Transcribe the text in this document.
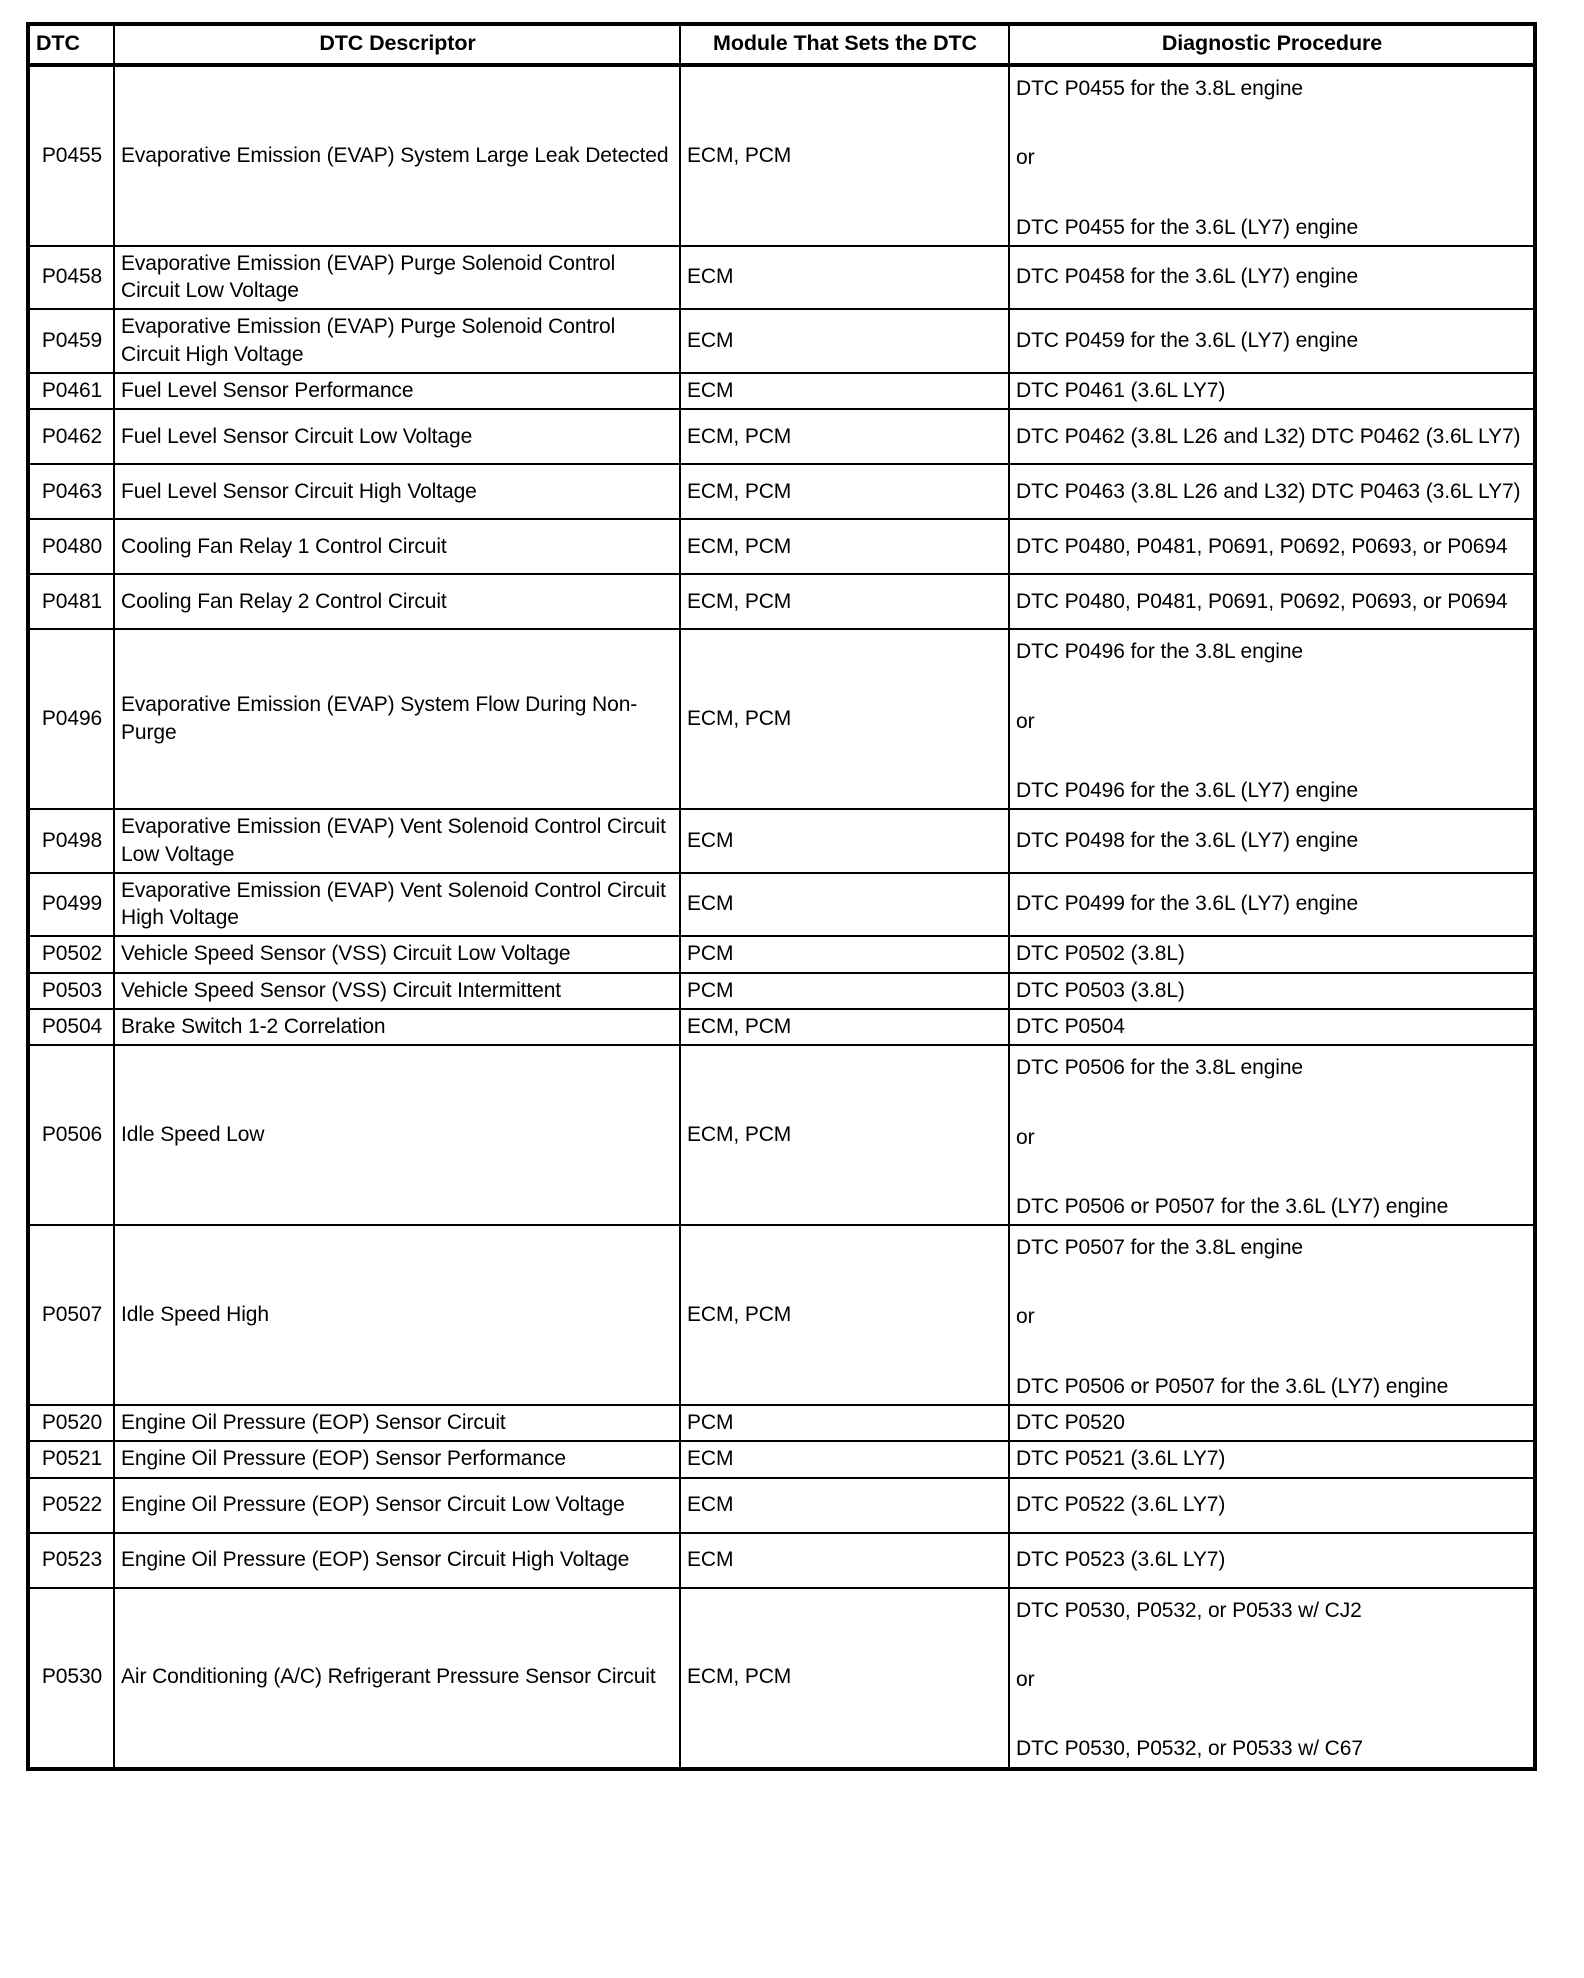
DTC	DTC Descriptor	Module That Sets the DTC	Diagnostic Procedure
P0455	Evaporative Emission (EVAP) System Large Leak Detected	ECM, PCM	DTC P0455 for the 3.8L engine
or
DTC P0455 for the 3.6L (LY7) engine

P0458	Evaporative Emission (EVAP) Purge Solenoid Control Circuit Low Voltage	ECM	DTC P0458 for the 3.6L (LY7) engine

P0459	Evaporative Emission (EVAP) Purge Solenoid Control Circuit High Voltage	ECM	DTC P0459 for the 3.6L (LY7) engine

P0461	Fuel Level Sensor Performance	ECM	DTC P0461 (3.6L LY7)

P0462	Fuel Level Sensor Circuit Low Voltage	ECM, PCM	DTC P0462 (3.8L L26 and L32) DTC P0462 (3.6L LY7)

P0463	Fuel Level Sensor Circuit High Voltage	ECM, PCM	DTC P0463 (3.8L L26 and L32) DTC P0463 (3.6L LY7)

P0480	Cooling Fan Relay 1 Control Circuit	ECM, PCM	DTC P0480, P0481, P0691, P0692, P0693, or P0694

P0481	Cooling Fan Relay 2 Control Circuit	ECM, PCM	DTC P0480, P0481, P0691, P0692, P0693, or P0694

P0496	Evaporative Emission (EVAP) System Flow During Non-Purge	ECM, PCM	DTC P0496 for the 3.8L engine
or
DTC P0496 for the 3.6L (LY7) engine

P0498	Evaporative Emission (EVAP) Vent Solenoid Control Circuit Low Voltage	ECM	DTC P0498 for the 3.6L (LY7) engine

P0499	Evaporative Emission (EVAP) Vent Solenoid Control Circuit High Voltage	ECM	DTC P0499 for the 3.6L (LY7) engine

P0502	Vehicle Speed Sensor (VSS) Circuit Low Voltage	PCM	DTC P0502 (3.8L)

P0503	Vehicle Speed Sensor (VSS) Circuit Intermittent	PCM	DTC P0503 (3.8L)

P0504	Brake Switch 1-2 Correlation	ECM, PCM	DTC P0504

P0506	Idle Speed Low	ECM, PCM	DTC P0506 for the 3.8L engine
or
DTC P0506 or P0507 for the 3.6L (LY7) engine

P0507	Idle Speed High	ECM, PCM	DTC P0507 for the 3.8L engine
or
DTC P0506 or P0507 for the 3.6L (LY7) engine

P0520	Engine Oil Pressure (EOP) Sensor Circuit	PCM	DTC P0520

P0521	Engine Oil Pressure (EOP) Sensor Performance	ECM	DTC P0521 (3.6L LY7)

P0522	Engine Oil Pressure (EOP) Sensor Circuit Low Voltage	ECM	DTC P0522 (3.6L LY7)

P0523	Engine Oil Pressure (EOP) Sensor Circuit High Voltage	ECM	DTC P0523 (3.6L LY7)

P0530	Air Conditioning (A/C) Refrigerant Pressure Sensor Circuit	ECM, PCM	DTC P0530, P0532, or P0533 w/ CJ2
or
DTC P0530, P0532, or P0533 w/ C67
